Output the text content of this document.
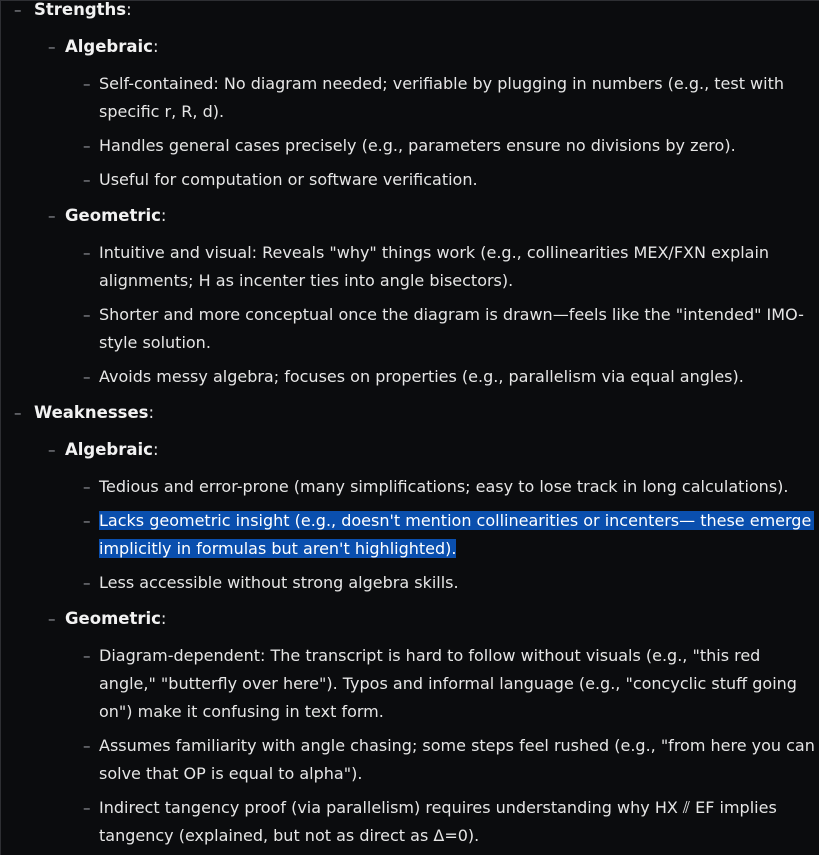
– Strengths:
– Algebraic:
– Self-contained: No diagram needed; verifiable by plugging in numbers (e.g., test with
specific r, R, d).
– Handles general cases precisely (e.g., parameters ensure no divisions by zero).
– Useful for computation or software verification.
– Geometric:
– Intuitive and visual: Reveals "why" things work (e.g., collinearities MEX/FXN explain
alignments; H as incenter ties into angle bisectors).
– Shorter and more conceptual once the diagram is drawn—feels like the "intended" IMO-
style solution.
– Avoids messy algebra; focuses on properties (e.g., parallelism via equal angles).
– Weaknesses:
– Algebraic:
– Tedious and error-prone (many simplifications; easy to lose track in long calculations).
– Lacks geometric insight (e.g., doesn't mention collinearities or incenters— these emerge
implicitly in formulas but aren't highlighted).
– Less accessible without strong algebra skills.
– Geometric:
– Diagram-dependent: The transcript is hard to follow without visuals (e.g., "this red
angle," "butterfly over here"). Typos and informal language (e.g., "concyclic stuff going
on") make it confusing in text form.
– Assumes familiarity with angle chasing; some steps feel rushed (e.g., "from here you can
solve that OP is equal to alpha").
– Indirect tangency proof (via parallelism) requires understanding why HX ⫽ EF implies
tangency (explained, but not as direct as Δ=0).
